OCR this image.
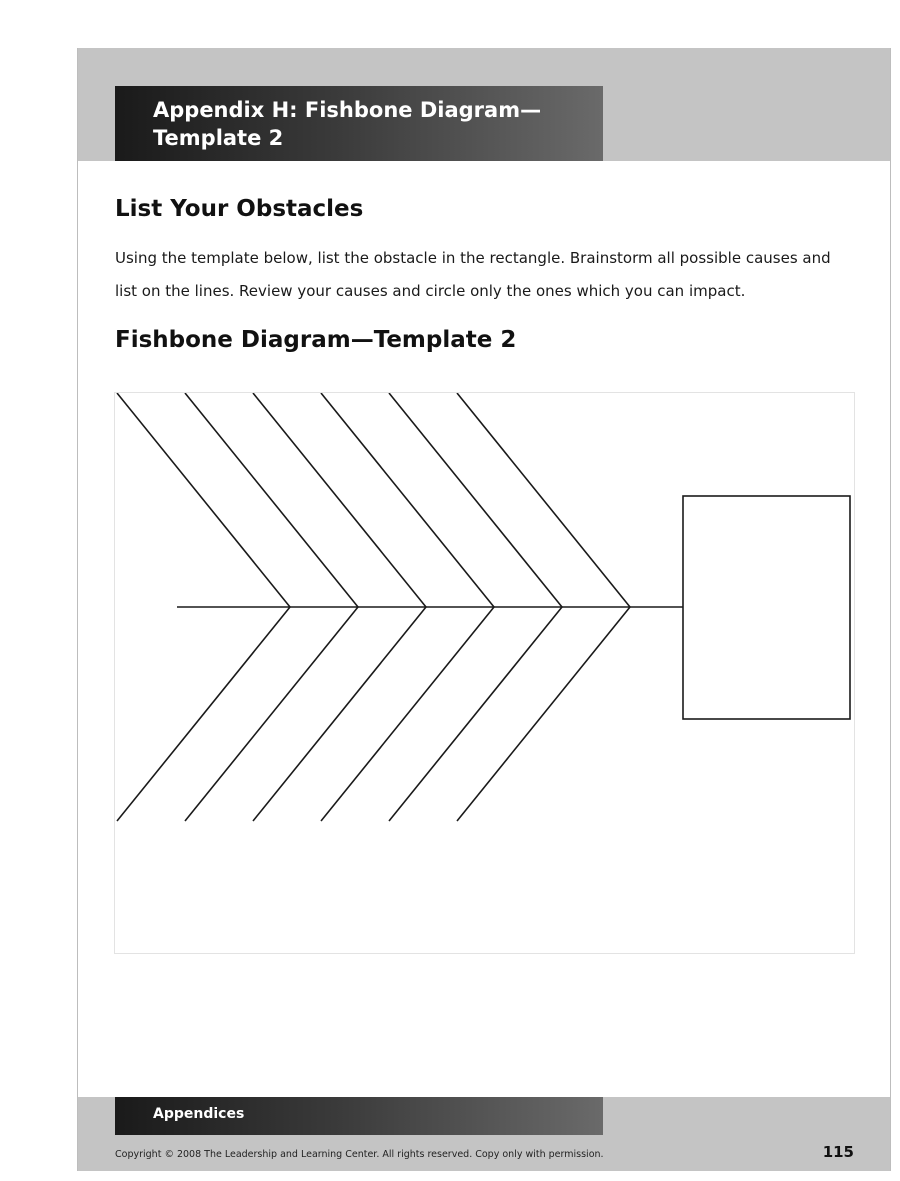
Appendix H: Fishbone Diagram—
Template 2
List Your Obstacles

Using the template below, list the obstacle in the rectangle. Brainstorm all possible causes and list on the lines. Review your causes and circle only the ones which you can impact.

Fishbone Diagram—Template 2
Appendices
Copyright © 2008 The Leadership and Learning Center. All rights reserved. Copy only with permission.	115
